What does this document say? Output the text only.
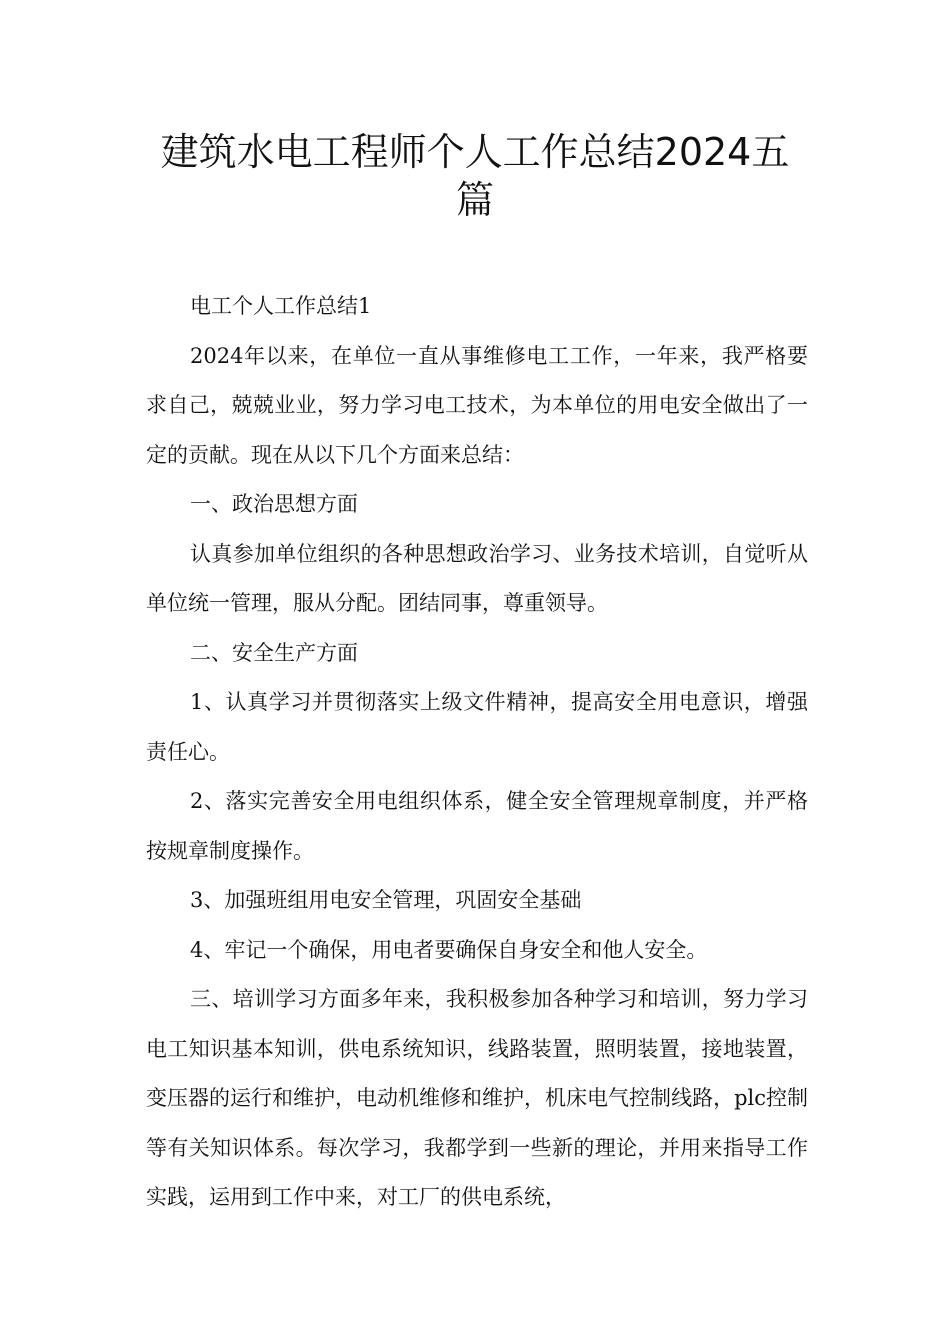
建筑水电工程师个人工作总结2024五
篇

电工个人工作总结1

2024年以来，在单位一直从事维修电工工作，一年来，我严格要求自己，兢兢业业，努力学习电工技术，为本单位的用电安全做出了一定的贡献。现在从以下几个方面来总结：

一、政治思想方面

认真参加单位组织的各种思想政治学习、业务技术培训，自觉听从单位统一管理，服从分配。团结同事，尊重领导。

二、安全生产方面

1、认真学习并贯彻落实上级文件精神，提高安全用电意识，增强责任心。

2、落实完善安全用电组织体系，健全安全管理规章制度，并严格按规章制度操作。

3、加强班组用电安全管理，巩固安全基础

4、牢记一个确保，用电者要确保自身安全和他人安全。

三、培训学习方面多年来，我积极参加各种学习和培训，努力学习电工知识基本知训，供电系统知识，线路装置，照明装置，接地装置，变压器的运行和维护，电动机维修和维护，机床电气控制线路，plc控制等有关知识体系。每次学习，我都学到一些新的理论，并用来指导工作实践，运用到工作中来，对工厂的供电系统，
